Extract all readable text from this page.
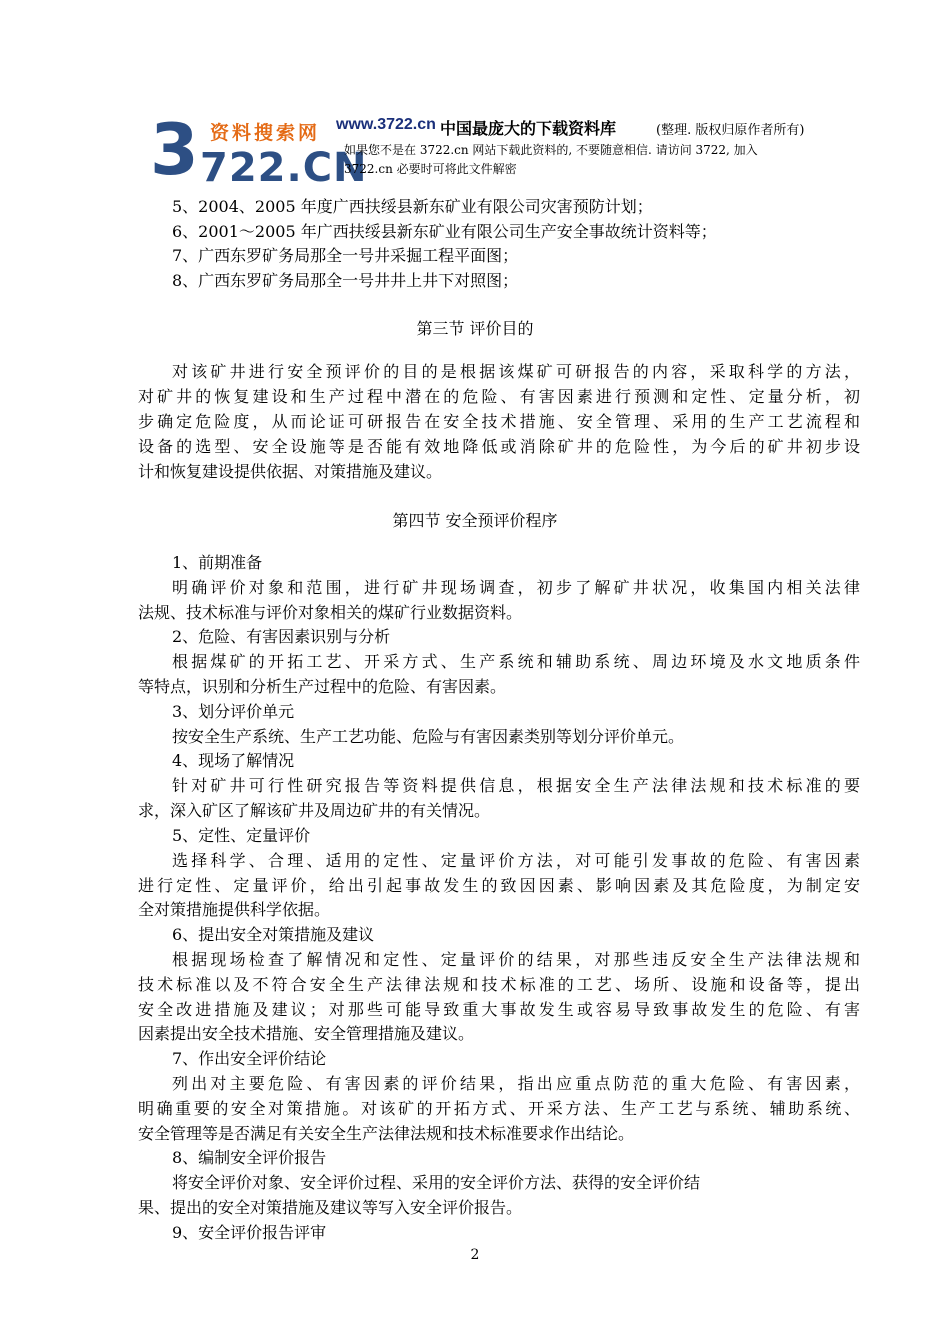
3 资料搜索网
722.CN
www.3722.cn 中国最庞大的下载资料库	(整理. 版权归原作者所有)
如果您不是在 3722.cn 网站下载此资料的, 不要随意相信. 请访问 3722, 加入
3722.cn 必要时可将此文件解密
5、2004、2005 年度广西扶绥县新东矿业有限公司灾害预防计划；
6、2001～2005 年广西扶绥县新东矿业有限公司生产安全事故统计资料等；
7、广西东罗矿务局那全一号井采掘工程平面图；
8、广西东罗矿务局那全一号井井上井下对照图；
第三节 评价目的
对该矿井进行安全预评价的目的是根据该煤矿可研报告的内容，采取科学的方法，
对矿井的恢复建设和生产过程中潜在的危险、有害因素进行预测和定性、定量分析，初
步确定危险度，从而论证可研报告在安全技术措施、安全管理、采用的生产工艺流程和
设备的选型、安全设施等是否能有效地降低或消除矿井的危险性，为今后的矿井初步设
计和恢复建设提供依据、对策措施及建议。
第四节 安全预评价程序
1、前期准备
明确评价对象和范围，进行矿井现场调查，初步了解矿井状况，收集国内相关法律
法规、技术标准与评价对象相关的煤矿行业数据资料。
2、危险、有害因素识别与分析
根据煤矿的开拓工艺、开采方式、生产系统和辅助系统、周边环境及水文地质条件
等特点，识别和分析生产过程中的危险、有害因素。
3、划分评价单元
按安全生产系统、生产工艺功能、危险与有害因素类别等划分评价单元。
4、现场了解情况
针对矿井可行性研究报告等资料提供信息，根据安全生产法律法规和技术标准的要
求，深入矿区了解该矿井及周边矿井的有关情况。
5、定性、定量评价
选择科学、合理、适用的定性、定量评价方法，对可能引发事故的危险、有害因素
进行定性、定量评价，给出引起事故发生的致因因素、影响因素及其危险度，为制定安
全对策措施提供科学依据。
6、提出安全对策措施及建议
根据现场检查了解情况和定性、定量评价的结果，对那些违反安全生产法律法规和
技术标准以及不符合安全生产法律法规和技术标准的工艺、场所、设施和设备等，提出
安全改进措施及建议；对那些可能导致重大事故发生或容易导致事故发生的危险、有害
因素提出安全技术措施、安全管理措施及建议。
7、作出安全评价结论
列出对主要危险、有害因素的评价结果，指出应重点防范的重大危险、有害因素，
明确重要的安全对策措施。对该矿的开拓方式、开采方法、生产工艺与系统、辅助系统、
安全管理等是否满足有关安全生产法律法规和技术标准要求作出结论。
8、编制安全评价报告
将安全评价对象、安全评价过程、采用的安全评价方法、获得的安全评价结
果、提出的安全对策措施及建议等写入安全评价报告。
9、安全评价报告评审
2
